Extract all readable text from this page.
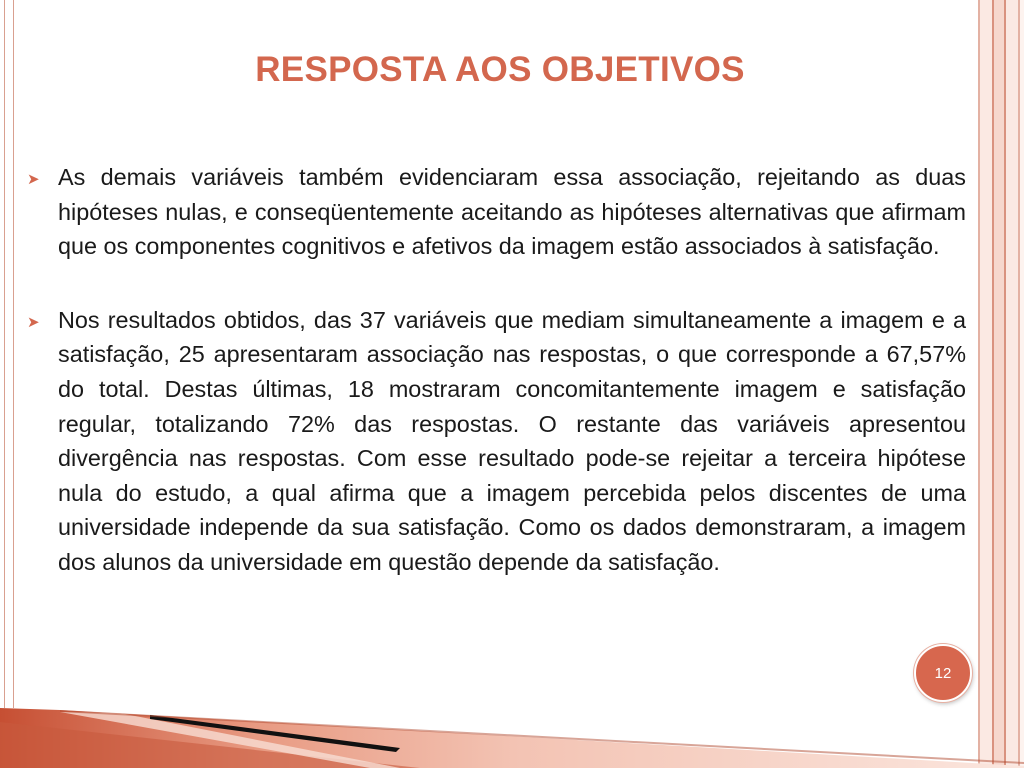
RESPOSTA AOS OBJETIVOS
➤ As demais variáveis também evidenciaram essa associação, rejeitando as duas hipóteses nulas, e conseqüentemente aceitando as hipóteses alternativas que afirmam que os componentes cognitivos e afetivos da imagem estão associados à satisfação.

➤ Nos resultados obtidos, das 37 variáveis que mediam simultaneamente a imagem e a satisfação, 25 apresentaram associação nas respostas, o que corresponde a 67,57% do total. Destas últimas, 18 mostraram concomitantemente imagem e satisfação regular, totalizando 72% das respostas. O restante das variáveis apresentou divergência nas respostas. Com esse resultado pode-se rejeitar a terceira hipótese nula do estudo, a qual afirma que a imagem percebida pelos discentes de uma universidade independe da sua satisfação. Como os dados demonstraram, a imagem dos alunos da universidade em questão depende da satisfação.

12
